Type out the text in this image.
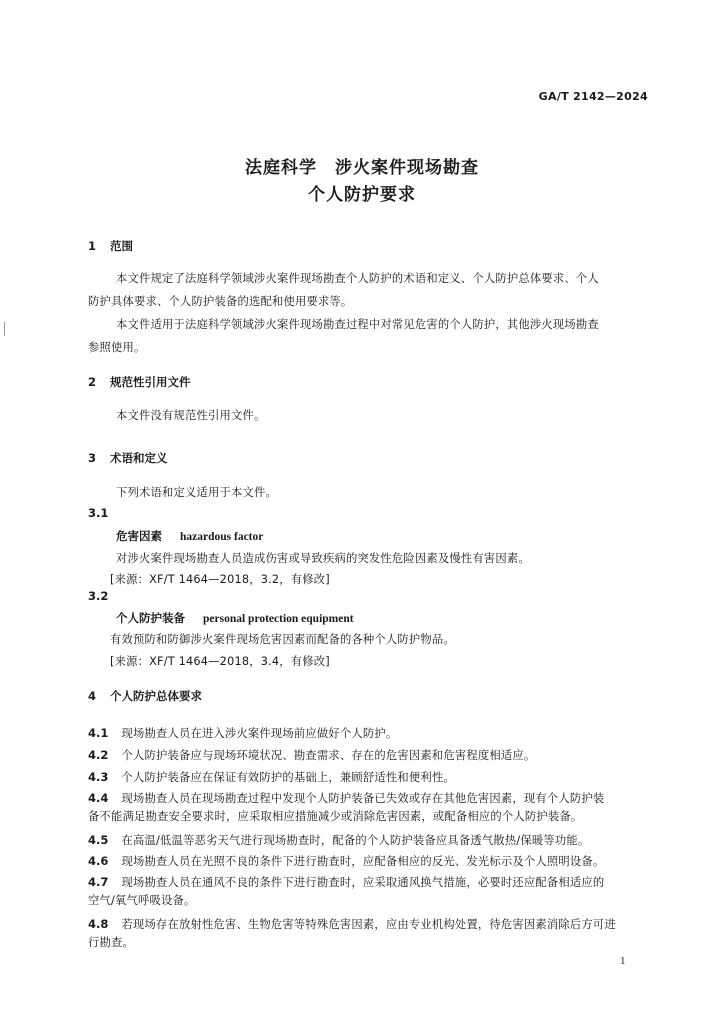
GA/T 2142—2024
法庭科学　涉火案件现场勘查
个人防护要求
1 范围
本文件规定了法庭科学领域涉火案件现场勘查个人防护的术语和定义、个人防护总体要求、个人
防护具体要求、个人防护装备的选配和使用要求等。
本文件适用于法庭科学领域涉火案件现场勘查过程中对常见危害的个人防护，其他涉火现场勘查
参照使用。
2 规范性引用文件
本文件没有规范性引用文件。
3 术语和定义
下列术语和定义适用于本文件。
3.1
危害因素 hazardous factor
对涉火案件现场勘查人员造成伤害或导致疾病的突发性危险因素及慢性有害因素。
[来源：XF/T 1464—2018，3.2，有修改]
3.2
个人防护装备 personal protection equipment
有效预防和防御涉火案件现场危害因素而配备的各种个人防护物品。
[来源：XF/T 1464—2018，3.4，有修改]
4 个人防护总体要求
4.1 现场勘查人员在进入涉火案件现场前应做好个人防护。
4.2 个人防护装备应与现场环境状况、勘查需求、存在的危害因素和危害程度相适应。
4.3 个人防护装备应在保证有效防护的基础上，兼顾舒适性和便利性。
4.4 现场勘查人员在现场勘查过程中发现个人防护装备已失效或存在其他危害因素，现有个人防护装
备不能满足勘查安全要求时，应采取相应措施减少或消除危害因素，或配备相应的个人防护装备。
4.5 在高温/低温等恶劣天气进行现场勘查时，配备的个人防护装备应具备透气散热/保暖等功能。
4.6 现场勘查人员在光照不良的条件下进行勘查时，应配备相应的反光、发光标示及个人照明设备。
4.7 现场勘查人员在通风不良的条件下进行勘查时，应采取通风换气措施，必要时还应配备相适应的
空气/氧气呼吸设备。
4.8 若现场存在放射性危害、生物危害等特殊危害因素，应由专业机构处置，待危害因素消除后方可进
行勘查。
1
